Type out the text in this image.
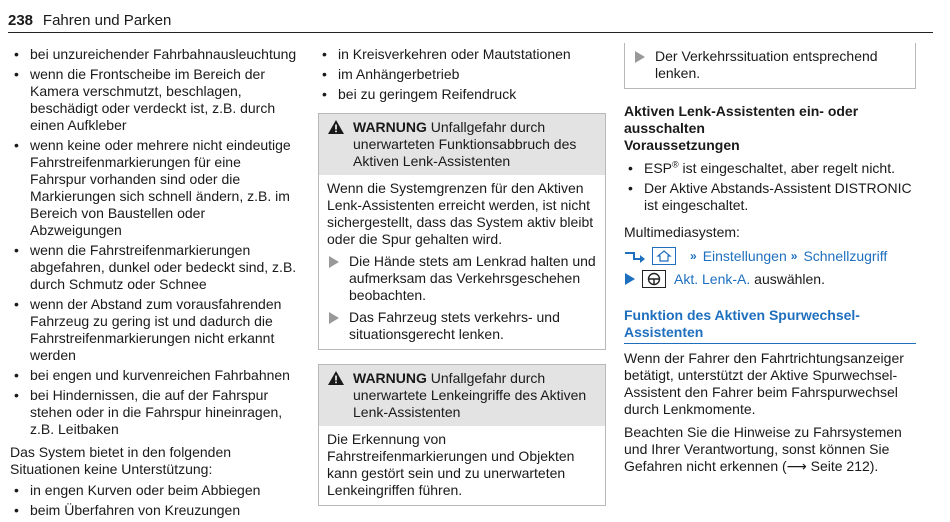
238 Fahren und Parken
• bei unzureichender Fahrbahnausleuchtung
• wenn die Frontscheibe im Bereich der Kamera verschmutzt, beschlagen, beschädigt oder verdeckt ist, z.B. durch einen Aufkleber
• wenn keine oder mehrere nicht eindeutige Fahrstreifenmarkierungen für eine Fahrspur vorhanden sind oder die Markierungen sich schnell ändern, z.B. im Bereich von Baustellen oder Abzweigungen
• wenn die Fahrstreifenmarkierungen abgefahren, dunkel oder bedeckt sind, z.B. durch Schmutz oder Schnee
• wenn der Abstand zum vorausfahrenden Fahrzeug zu gering ist und dadurch die Fahrstreifenmarkierungen nicht erkannt werden
• bei engen und kurvenreichen Fahrbahnen
• bei Hindernissen, die auf der Fahrspur stehen oder in die Fahrspur hineinragen, z.B. Leitbaken

Das System bietet in den folgenden Situationen keine Unterstützung:

• in engen Kurven oder beim Abbiegen
• beim Überfahren von Kreuzungen
• in Kreisverkehren oder Mautstationen
• im Anhängerbetrieb
• bei zu geringem Reifendruck
WARNUNG Unfallgefahr durch unerwarteten Funktionsabbruch des Aktiven Lenk-Assistenten

Wenn die Systemgrenzen für den Aktiven Lenk-Assistenten erreicht werden, ist nicht sichergestellt, dass das System aktiv bleibt oder die Spur gehalten wird.

Die Hände stets am Lenkrad halten und aufmerksam das Verkehrsgeschehen beobachten.
Das Fahrzeug stets verkehrs- und situationsgerecht lenken.
WARNUNG Unfallgefahr durch unerwartete Lenkeingriffe des Aktiven Lenk-Assistenten

Die Erkennung von Fahrstreifenmarkierungen und Objekten kann gestört sein und zu unerwarteten Lenkeingriffen führen.

Der Verkehrssituation entsprechend lenken.
Aktiven Lenk-Assistenten ein- oder ausschalten
Voraussetzungen
• ESP® ist eingeschaltet, aber regelt nicht.
• Der Aktive Abstands-Assistent DISTRONIC ist eingeschaltet.

Multimediasystem:

» Einstellungen » Schnellzugriff
Akt. Lenk-A. auswählen.
Funktion des Aktiven Spurwechsel-Assistenten

Wenn der Fahrer den Fahrtrichtungsanzeiger betätigt, unterstützt der Aktive Spurwechsel-Assistent den Fahrer beim Fahrspurwechsel durch Lenkmomente.

Beachten Sie die Hinweise zu Fahrsystemen und Ihrer Verantwortung, sonst können Sie Gefahren nicht erkennen (⟶ Seite 212).
